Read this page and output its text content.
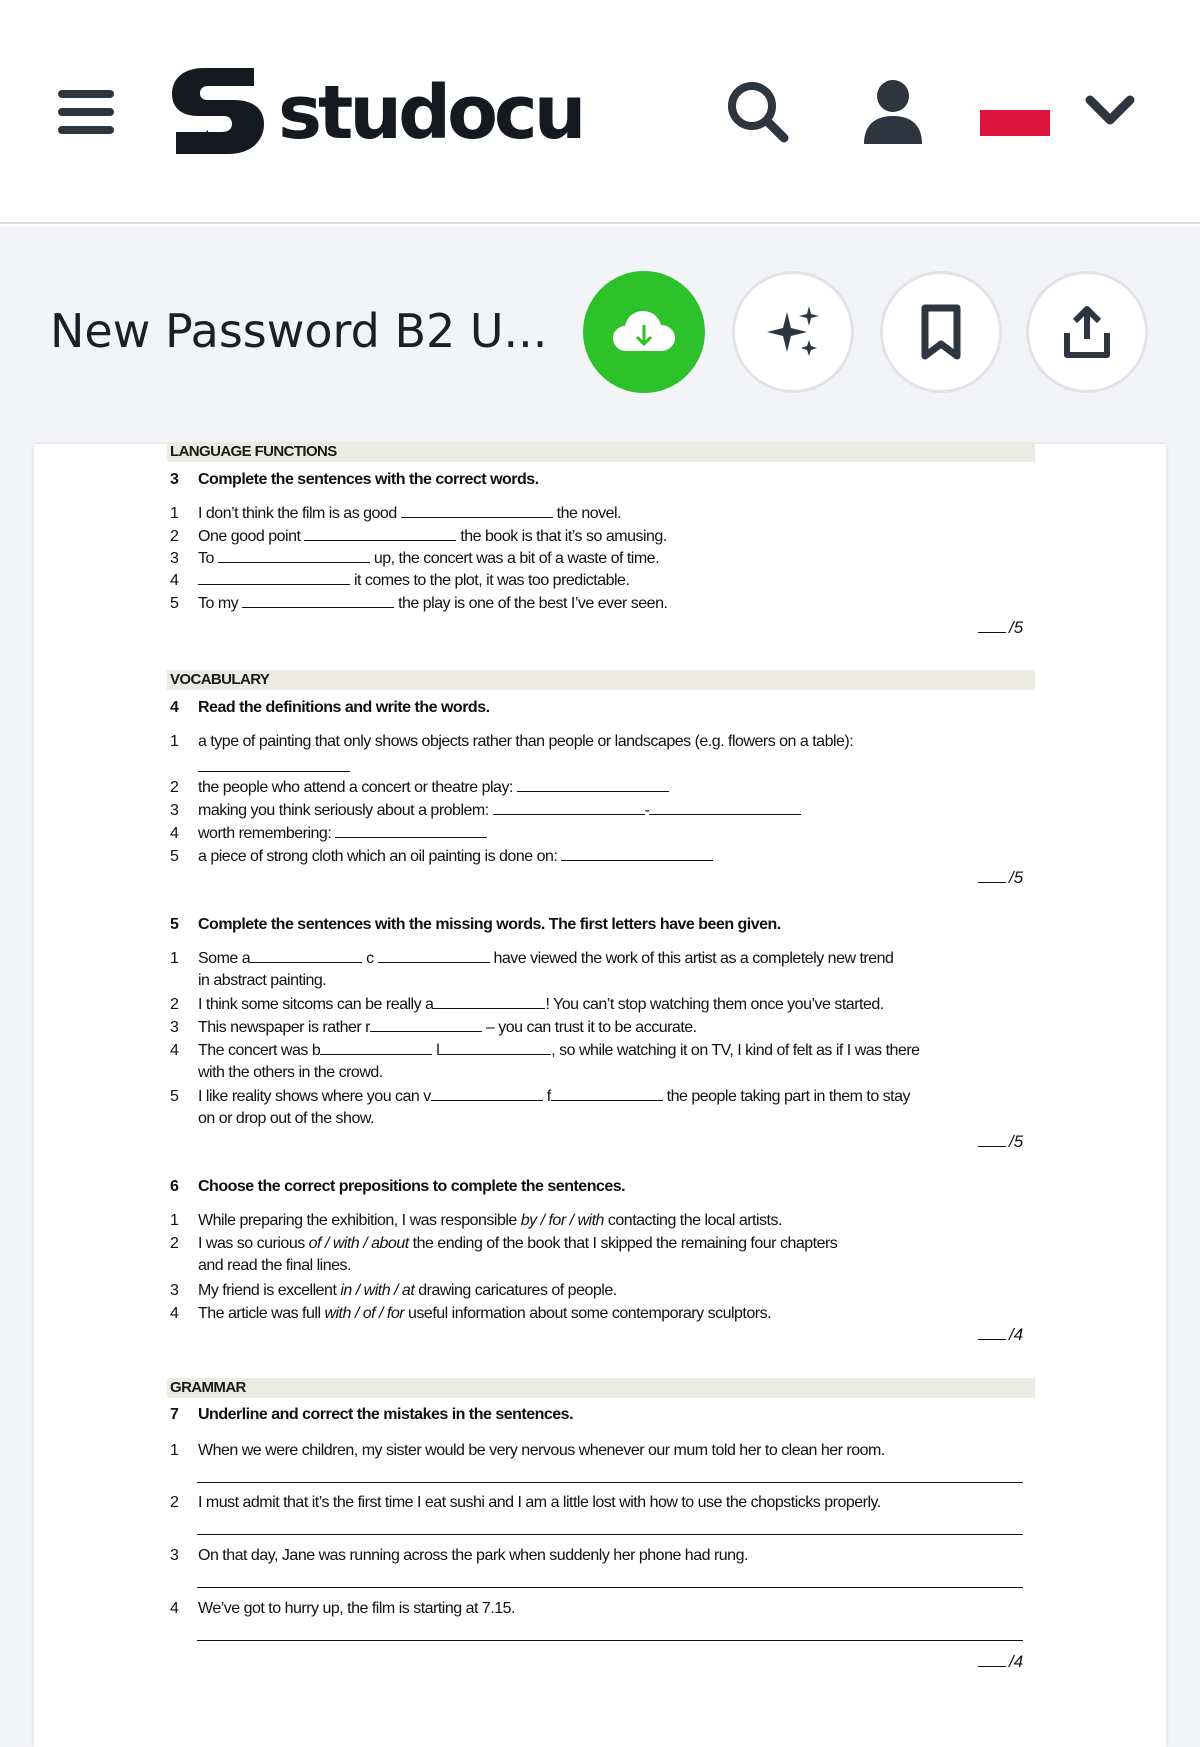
studocu
New Password B2 U...
LANGUAGE FUNCTIONS
3 Complete the sentences with the correct words.
1 I don’t think the film is as good	the novel.
2 One good point	the book is that it’s so amusing.
3 To	up, the concert was a bit of a waste of time.
4	it comes to the plot, it was too predictable.
5 To my	the play is one of the best I’ve ever seen.
/5
VOCABULARY
4 Read the definitions and write the words.
1 a type of painting that only shows objects rather than people or landscapes (e.g. flowers on a table):
2 the people who attend a concert or theatre play:
3 making you think seriously about a problem:	-
4 worth remembering:
5 a piece of strong cloth which an oil painting is done on:
/5
5 Complete the sentences with the missing words. The first letters have been given.
1 Some a	c	have viewed the work of this artist as a completely new trend
in abstract painting.
2 I think some sitcoms can be really a	! You can’t stop watching them once you’ve started.
3 This newspaper is rather r	– you can trust it to be accurate.
4 The concert was b	l	, so while watching it on TV, I kind of felt as if I was there
with the others in the crowd.
5 I like reality shows where you can v	f	the people taking part in them to stay
on or drop out of the show.
/5
6 Choose the correct prepositions to complete the sentences.
1 While preparing the exhibition, I was responsible by / for / with contacting the local artists.
2 I was so curious of / with / about the ending of the book that I skipped the remaining four chapters
and read the final lines.
3 My friend is excellent in / with / at drawing caricatures of people.
4 The article was full with / of / for useful information about some contemporary sculptors.
/4
GRAMMAR
7 Underline and correct the mistakes in the sentences.
1 When we were children, my sister would be very nervous whenever our mum told her to clean her room.
2 I must admit that it’s the first time I eat sushi and I am a little lost with how to use the chopsticks properly.
3 On that day, Jane was running across the park when suddenly her phone had rung.
4 We’ve got to hurry up, the film is starting at 7.15.
/4
